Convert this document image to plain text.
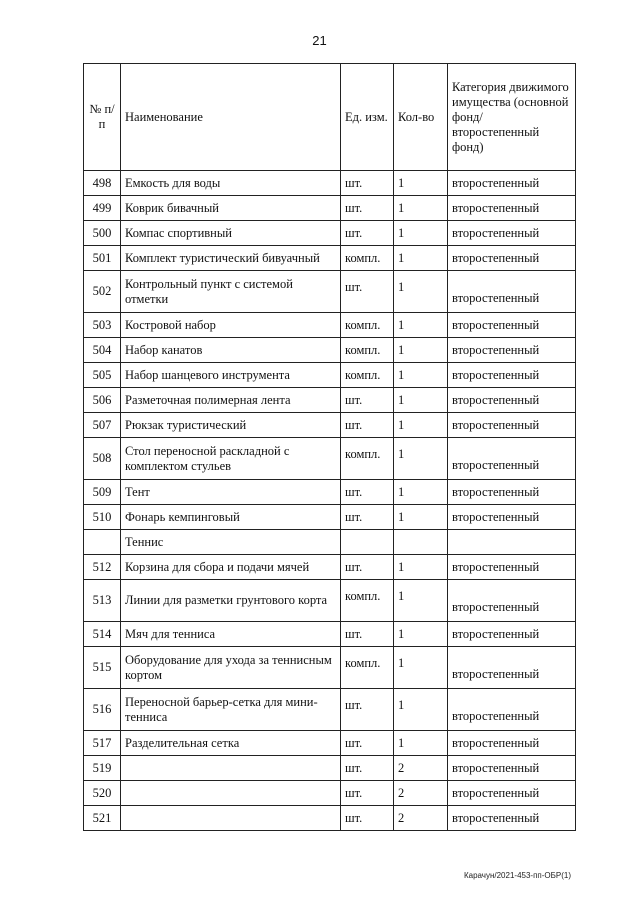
21
№ п/п	Наименование	Ед. изм.	Кол-во	Категория движимого имущества (основной фонд/ второстепенный фонд)
498	Емкость для воды	шт.	1	второстепенный
499	Коврик бивачный	шт.	1	второстепенный
500	Компас спортивный	шт.	1	второстепенный
501	Комплект туристический бивуачный	компл.	1	второстепенный
502	Контрольный пункт с системой отметки	шт.	1	второстепенный
503	Костровой набор	компл.	1	второстепенный
504	Набор канатов	компл.	1	второстепенный
505	Набор шанцевого инструмента	компл.	1	второстепенный
506	Разметочная полимерная лента	шт.	1	второстепенный
507	Рюкзак туристический	шт.	1	второстепенный
508	Стол переносной раскладной с комплектом стульев	компл.	1	второстепенный
509	Тент	шт.	1	второстепенный
510	Фонарь кемпинговый	шт.	1	второстепенный
	Теннис			
512	Корзина для сбора и подачи мячей	шт.	1	второстепенный
513	Линии для разметки грунтового корта	компл.	1	второстепенный
514	Мяч для тенниса	шт.	1	второстепенный
515	Оборудование для ухода за теннисным кортом	компл.	1	второстепенный
516	Переносной барьер-сетка для мини-тенниса	шт.	1	второстепенный
517	Разделительная сетка	шт.	1	второстепенный
519		шт.	2	второстепенный
520		шт.	2	второстепенный
521		шт.	2	второстепенный
Карачун/2021-453-пп-ОБР(1)
